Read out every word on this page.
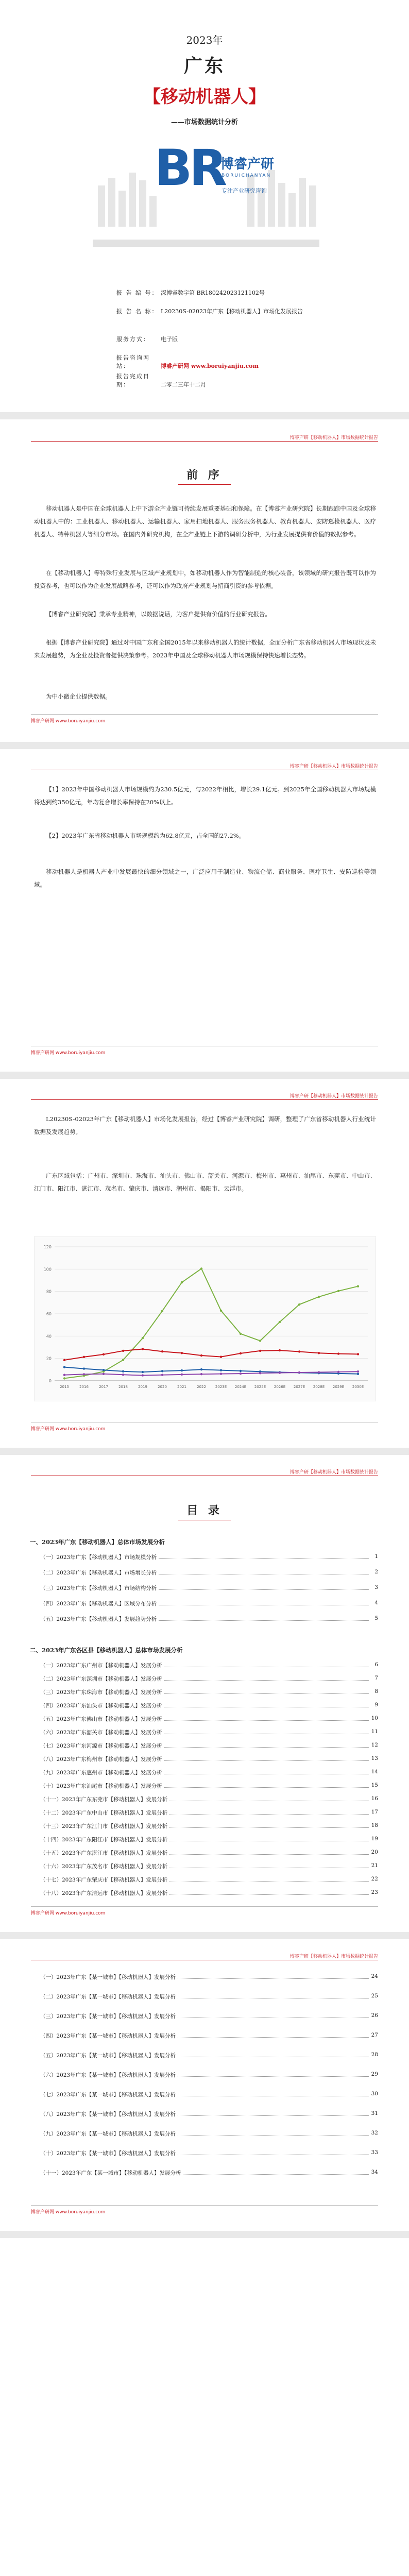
2023年
广东
【移动机器人】
——市场数据统计分析
BR
博睿产研
BORUICHANYAN
专注产业研究咨询
报 告 编 号： 深博睿数字第 BR180242023121102号
报 告 名 称： L20230S-02023年广东【移动机器人】市场化发展报告
服务方式： 电子版
报告咨询网站：	博睿产研网 www.boruiyanjiu.com
报告完成日期：	二零二三年十二月
博睿产研【移动机器人】市场数据统计报告
前 序
移动机器人是中国在全球机器人上中下游全产业链可持续发展重要基础和保障。在【博睿产业研究院】长期跟踪中国及全球移动机器人中的：工业机器人、移动机器人、运输机器人、家用扫地机器人、服务服务机器人、教育机器人、安防巡检机器人、医疗机器人、特种机器人等细分市场。在国内外研究机构，在全产业链上下游的调研分析中，为行业发展提供有价值的数据参考。
在【移动机器人】等特殊行业发展与区域产业规划中，如移动机器人作为智能制造的核心装备，该领域的研究报告既可以作为投资参考，也可以作为企业发展战略参考，还可以作为政府产业规划与招商引资的参考依据。
【博睿产业研究院】秉承专业精神，以数据说话，为客户提供有价值的行业研究报告。
根据【博睿产业研究院】通过对中国广东和全国2015年以来移动机器人的统计数据，全面分析广东省移动机器人市场现状及未来发展趋势，为企业及投资者提供决策参考。2023年中国及全球移动机器人市场规模保持快速增长态势。
为中小微企业提供数据。
博睿产研网 www.boruiyanjiu.com
博睿产研【移动机器人】市场数据统计报告
【1】2023年中国移动机器人市场规模约为230.5亿元，与2022年相比，增长29.1亿元。到2025年全国移动机器人市场规模将达到约350亿元，年均复合增长率保持在20%以上。
【2】2023年广东省移动机器人市场规模约为62.8亿元，占全国的27.2%。
移动机器人是机器人产业中发展最快的细分领域之一，广泛应用于制造业、物流仓储、商业服务、医疗卫生、安防巡检等领域。
博睿产研网 www.boruiyanjiu.com
博睿产研【移动机器人】市场数据统计报告
L20230S-02023年广东【移动机器人】市场化发展报告，经过【博睿产业研究院】调研，整理了广东省移动机器人行业统计数据及发展趋势。
广东区域包括：广州市、深圳市、珠海市、汕头市、佛山市、韶关市、河源市、梅州市、惠州市、汕尾市、东莞市、中山市、江门市、阳江市、湛江市、茂名市、肇庆市、清远市、潮州市、揭阳市、云浮市。
0
20
40
60
80
100
120
2015	2016	2017	2018	2019	2020	2021	2022	2023E 2024E 2025E 2026E 2027E 2028E 2029E 2030E
博睿产研网 www.boruiyanjiu.com
博睿产研【移动机器人】市场数据统计报告
目 录
一、2023年广东【移动机器人】总体市场发展分析
（一）2023年广东【移动机器人】市场规模分析	1
（二）2023年广东【移动机器人】市场增长分析	2
（三）2023年广东【移动机器人】市场结构分析	3
（四）2023年广东【移动机器人】区域分布分析	4
（五）2023年广东【移动机器人】发展趋势分析	5
二、2023年广东各区县【移动机器人】总体市场发展分析
（一）2023年广东广州市【移动机器人】发展分析	6
（二）2023年广东深圳市【移动机器人】发展分析	7
（三）2023年广东珠海市【移动机器人】发展分析	8
（四）2023年广东汕头市【移动机器人】发展分析	9
（五）2023年广东佛山市【移动机器人】发展分析	10
（六）2023年广东韶关市【移动机器人】发展分析	11
（七）2023年广东河源市【移动机器人】发展分析	12
（八）2023年广东梅州市【移动机器人】发展分析	13
（九）2023年广东惠州市【移动机器人】发展分析	14
（十）2023年广东汕尾市【移动机器人】发展分析	15
（十一）2023年广东东莞市【移动机器人】发展分析	16
（十二）2023年广东中山市【移动机器人】发展分析	17
（十三）2023年广东江门市【移动机器人】发展分析	18
（十四）2023年广东阳江市【移动机器人】发展分析	19
（十五）2023年广东湛江市【移动机器人】发展分析	20
（十六）2023年广东茂名市【移动机器人】发展分析	21
（十七）2023年广东肇庆市【移动机器人】发展分析	22
（十八）2023年广东清远市【移动机器人】发展分析	23
博睿产研网 www.boruiyanjiu.com
博睿产研【移动机器人】市场数据统计报告
（一）2023年广东【某一城市】【移动机器人】发展分析	24
（二）2023年广东【某一城市】【移动机器人】发展分析	25
（三）2023年广东【某一城市】【移动机器人】发展分析	26
（四）2023年广东【某一城市】【移动机器人】发展分析	27
（五）2023年广东【某一城市】【移动机器人】发展分析	28
（六）2023年广东【某一城市】【移动机器人】发展分析	29
（七）2023年广东【某一城市】【移动机器人】发展分析	30
（八）2023年广东【某一城市】【移动机器人】发展分析	31
（九）2023年广东【某一城市】【移动机器人】发展分析	32
（十）2023年广东【某一城市】【移动机器人】发展分析	33
（十一）2023年广东【某一城市】【移动机器人】发展分析	34
博睿产研网 www.boruiyanjiu.com
